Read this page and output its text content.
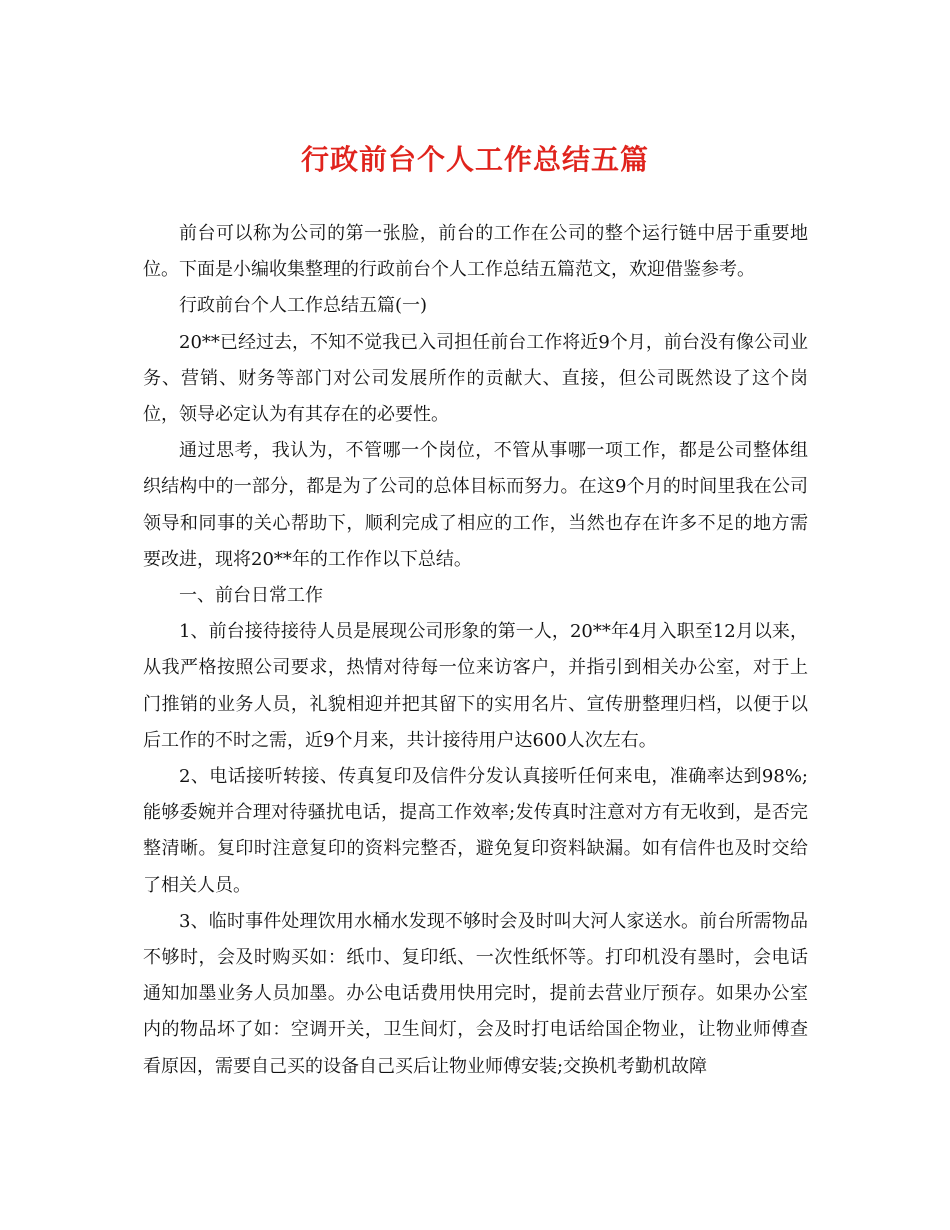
行政前台个人工作总结五篇

前台可以称为公司的第一张脸，前台的工作在公司的整个运行链中居于重要地位。下面是小编收集整理的行政前台个人工作总结五篇范文，欢迎借鉴参考。

行政前台个人工作总结五篇(一)

20**已经过去，不知不觉我已入司担任前台工作将近9个月，前台没有像公司业务、营销、财务等部门对公司发展所作的贡献大、直接，但公司既然设了这个岗位，领导必定认为有其存在的必要性。

通过思考，我认为，不管哪一个岗位，不管从事哪一项工作，都是公司整体组织结构中的一部分，都是为了公司的总体目标而努力。在这9个月的时间里我在公司领导和同事的关心帮助下，顺利完成了相应的工作，当然也存在许多不足的地方需要改进，现将20**年的工作作以下总结。

一、前台日常工作

1、前台接待接待人员是展现公司形象的第一人，20**年4月入职至12月以来，从我严格按照公司要求，热情对待每一位来访客户，并指引到相关办公室，对于上门推销的业务人员，礼貌相迎并把其留下的实用名片、宣传册整理归档，以便于以后工作的不时之需，近9个月来，共计接待用户达600人次左右。

2、电话接听转接、传真复印及信件分发认真接听任何来电，准确率达到98%;能够委婉并合理对待骚扰电话，提高工作效率;发传真时注意对方有无收到，是否完整清晰。复印时注意复印的资料完整否，避免复印资料缺漏。如有信件也及时交给了相关人员。

3、临时事件处理饮用水桶水发现不够时会及时叫大河人家送水。前台所需物品不够时，会及时购买如：纸巾、复印纸、一次性纸怀等。打印机没有墨时，会电话通知加墨业务人员加墨。办公电话费用快用完时，提前去营业厅预存。如果办公室内的物品坏了如：空调开关，卫生间灯，会及时打电话给国企物业，让物业师傅查看原因，需要自己买的设备自己买后让物业师傅安装;交换机考勤机故障
